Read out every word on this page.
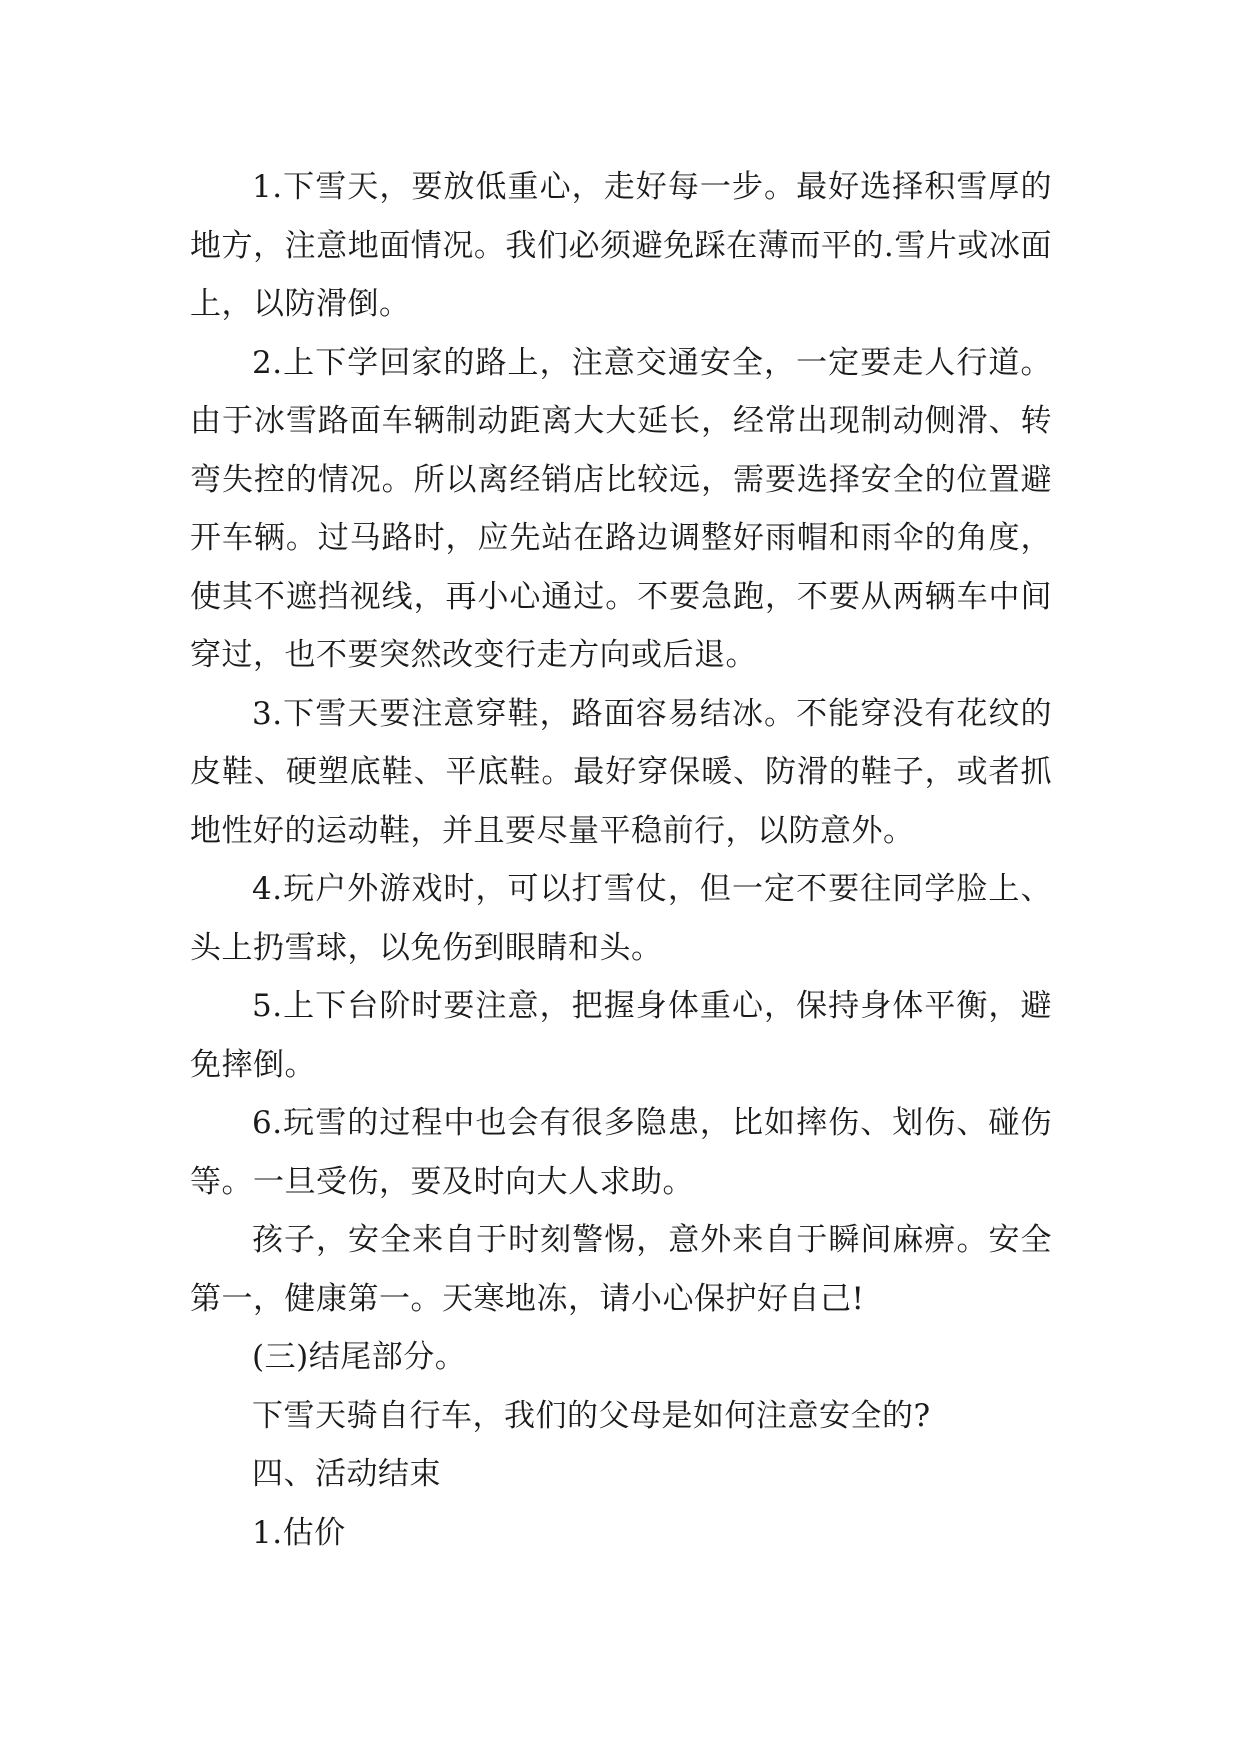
1.下雪天，要放低重心，走好每一步。最好选择积雪厚的地方，注意地面情况。我们必须避免踩在薄而平的.雪片或冰面上，以防滑倒。

2.上下学回家的路上，注意交通安全，一定要走人行道。由于冰雪路面车辆制动距离大大延长，经常出现制动侧滑、转弯失控的情况。所以离经销店比较远，需要选择安全的位置避开车辆。过马路时，应先站在路边调整好雨帽和雨伞的角度，使其不遮挡视线，再小心通过。不要急跑，不要从两辆车中间穿过，也不要突然改变行走方向或后退。

3.下雪天要注意穿鞋，路面容易结冰。不能穿没有花纹的皮鞋、硬塑底鞋、平底鞋。最好穿保暖、防滑的鞋子，或者抓地性好的运动鞋，并且要尽量平稳前行，以防意外。

4.玩户外游戏时，可以打雪仗，但一定不要往同学脸上、头上扔雪球，以免伤到眼睛和头。

5.上下台阶时要注意，把握身体重心，保持身体平衡，避免摔倒。

6.玩雪的过程中也会有很多隐患，比如摔伤、划伤、碰伤等。一旦受伤，要及时向大人求助。

孩子，安全来自于时刻警惕，意外来自于瞬间麻痹。安全第一，健康第一。天寒地冻，请小心保护好自己!

(三)结尾部分。

下雪天骑自行车，我们的父母是如何注意安全的?

四、活动结束

1.估价
